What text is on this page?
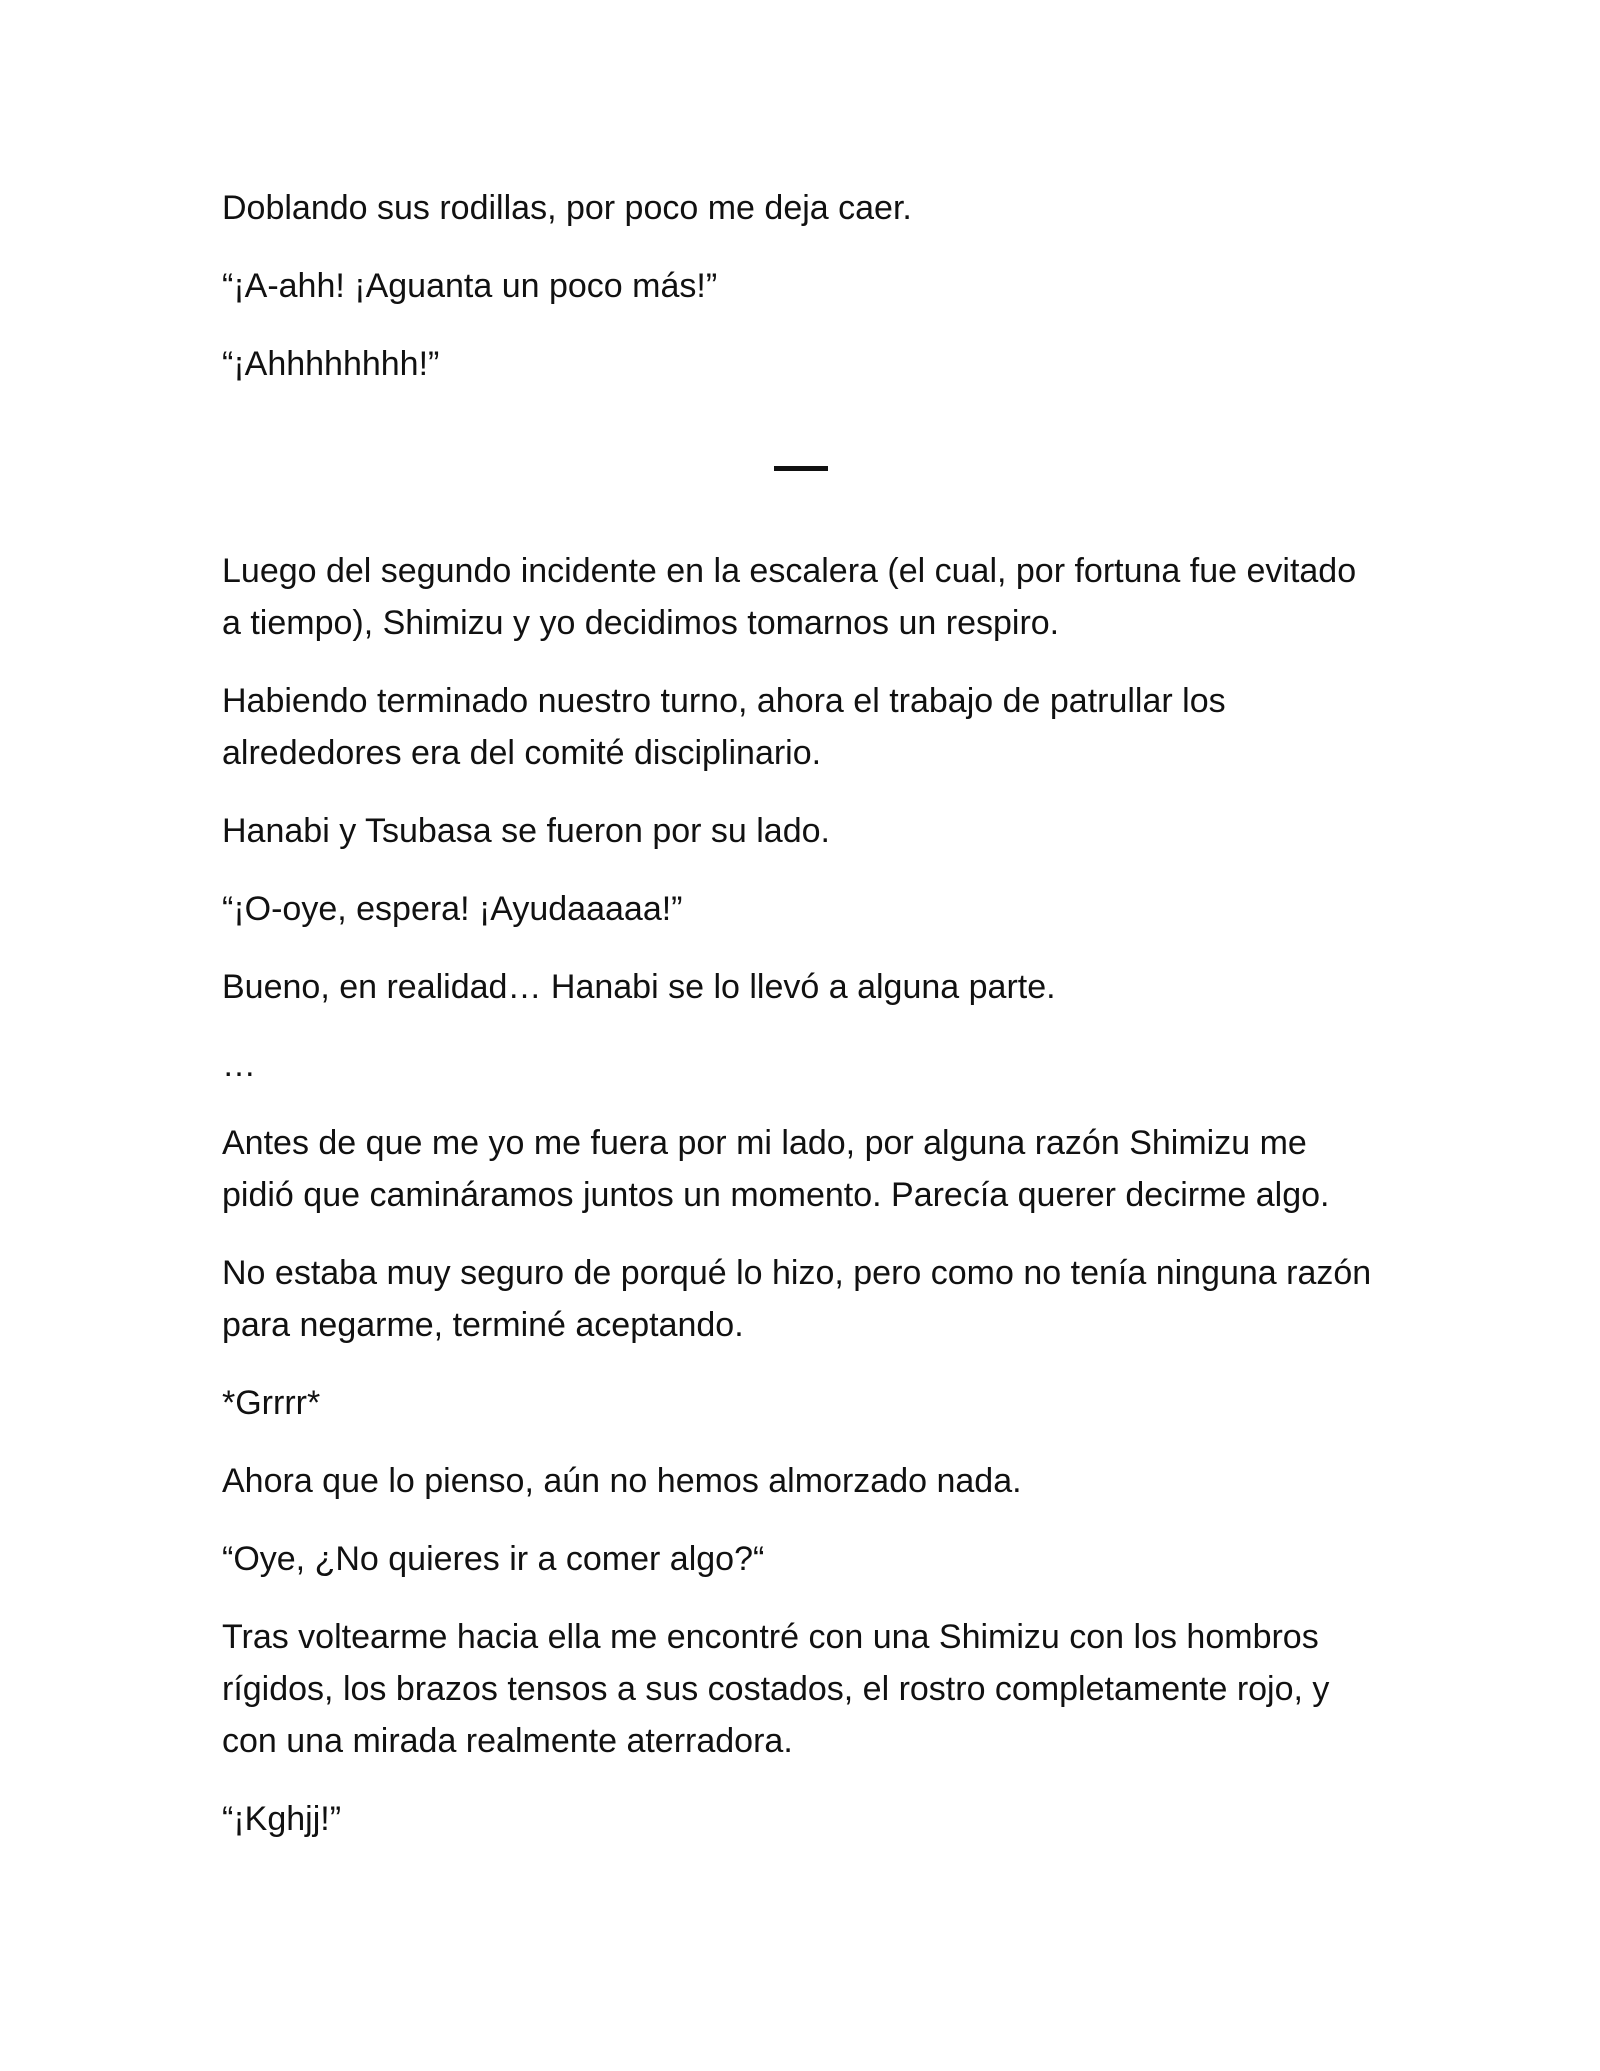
Doblando sus rodillas, por poco me deja caer.

“¡A-ahh! ¡Aguanta un poco más!”

“¡Ahhhhhhhh!”

Luego del segundo incidente en la escalera (el cual, por fortuna fue evitado a tiempo), Shimizu y yo decidimos tomarnos un respiro.

Habiendo terminado nuestro turno, ahora el trabajo de patrullar los alrededores era del comité disciplinario.

Hanabi y Tsubasa se fueron por su lado.

“¡O-oye, espera! ¡Ayudaaaaa!”

Bueno, en realidad… Hanabi se lo llevó a alguna parte.

…

Antes de que me yo me fuera por mi lado, por alguna razón Shimizu me pidió que camináramos juntos un momento. Parecía querer decirme algo.

No estaba muy seguro de porqué lo hizo, pero como no tenía ninguna razón para negarme, terminé aceptando.

*Grrrr*

Ahora que lo pienso, aún no hemos almorzado nada.

“Oye, ¿No quieres ir a comer algo?“

Tras voltearme hacia ella me encontré con una Shimizu con los hombros rígidos, los brazos tensos a sus costados, el rostro completamente rojo, y con una mirada realmente aterradora.

“¡Kghjj!”
